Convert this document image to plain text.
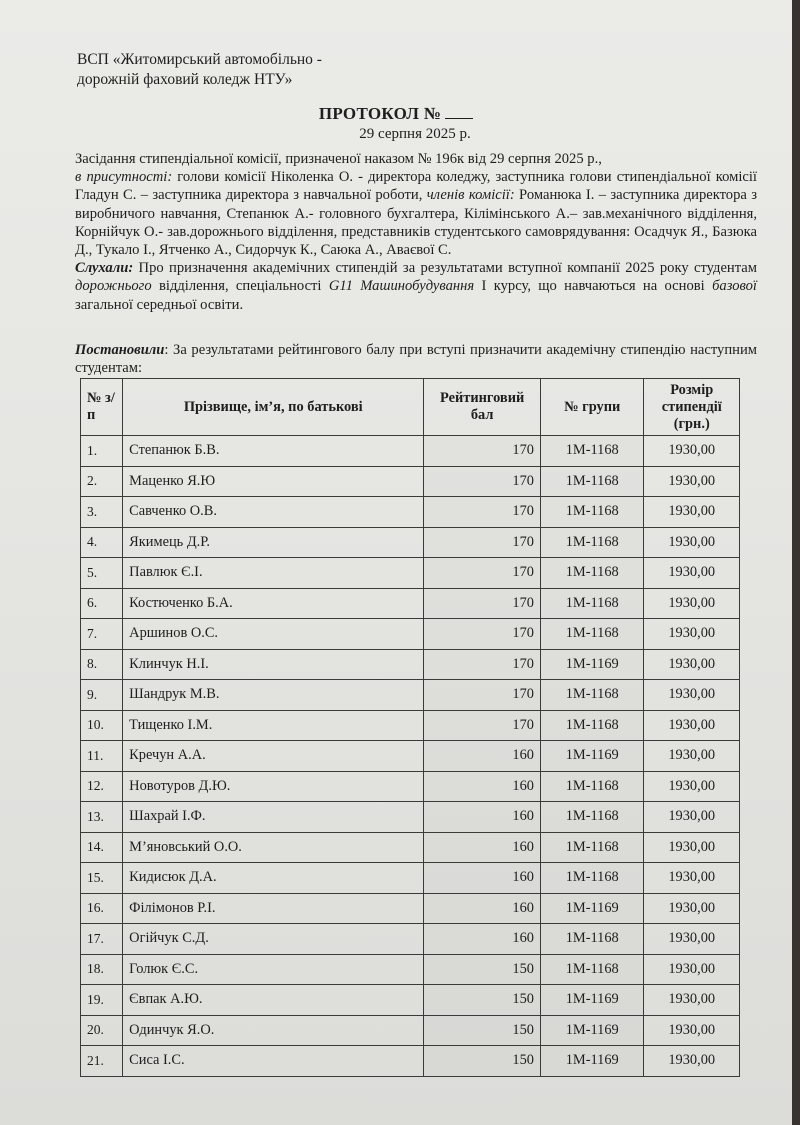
ВСП «Житомирський автомобільно -
дорожній фаховий коледж НТУ»
ПРОТОКОЛ №
29 серпня 2025 р.

Засідання стипендіальної комісії, призначеної наказом № 196к від 29 серпня 2025 р.,

в присутності: голови комісії Ніколенка О. - директора коледжу, заступника голови стипендіальної комісії Гладун С. – заступника директора з навчальної роботи, членів комісії: Романюка І. – заступника директора з виробничого навчання, Степанюк А.- головного бухгалтера, Кілімінського А.– зав.механічного відділення, Корнійчук О.- зав.дорожнього відділення, представників студентського самоврядування: Осадчук Я., Базюка Д., Тукало І., Ятченко А., Сидорчук К., Саюка А., Аваєвої С.

Слухали: Про призначення академічних стипендій за результатами вступної компанії 2025 року студентам дорожнього відділення, спеціальності G11 Машинобудування І курсу, що навчаються на основі базової загальної середньої освіти.

Постановили: За результатами рейтингового балу при вступі призначити академічну стипендію наступним студентам:
№ з/п	Прізвище, ім’я, по батькові	Рейтинговий бал	№ групи	Розмір стипендії (грн.)
1.	Степанюк Б.В.	170	1М-1168	1930,00
2.	Маценко Я.Ю	170	1М-1168	1930,00
3.	Савченко О.В.	170	1М-1168	1930,00
4.	Якимець Д.Р.	170	1М-1168	1930,00
5.	Павлюк Є.І.	170	1М-1168	1930,00
6.	Костюченко Б.А.	170	1М-1168	1930,00
7.	Аршинов О.С.	170	1М-1168	1930,00
8.	Клинчук Н.І.	170	1М-1169	1930,00
9.	Шандрук М.В.	170	1М-1168	1930,00
10.	Тищенко І.М.	170	1М-1168	1930,00
11.	Кречун А.А.	160	1М-1169	1930,00
12.	Новотуров Д.Ю.	160	1М-1168	1930,00
13.	Шахрай І.Ф.	160	1М-1168	1930,00
14.	М’яновський О.О.	160	1М-1168	1930,00
15.	Кидисюк Д.А.	160	1М-1168	1930,00
16.	Філімонов Р.І.	160	1М-1169	1930,00
17.	Огійчук С.Д.	160	1М-1168	1930,00
18.	Голюк Є.С.	150	1М-1168	1930,00
19.	Євпак А.Ю.	150	1М-1169	1930,00
20.	Одинчук Я.О.	150	1М-1169	1930,00
21.	Сиса І.С.	150	1М-1169	1930,00
